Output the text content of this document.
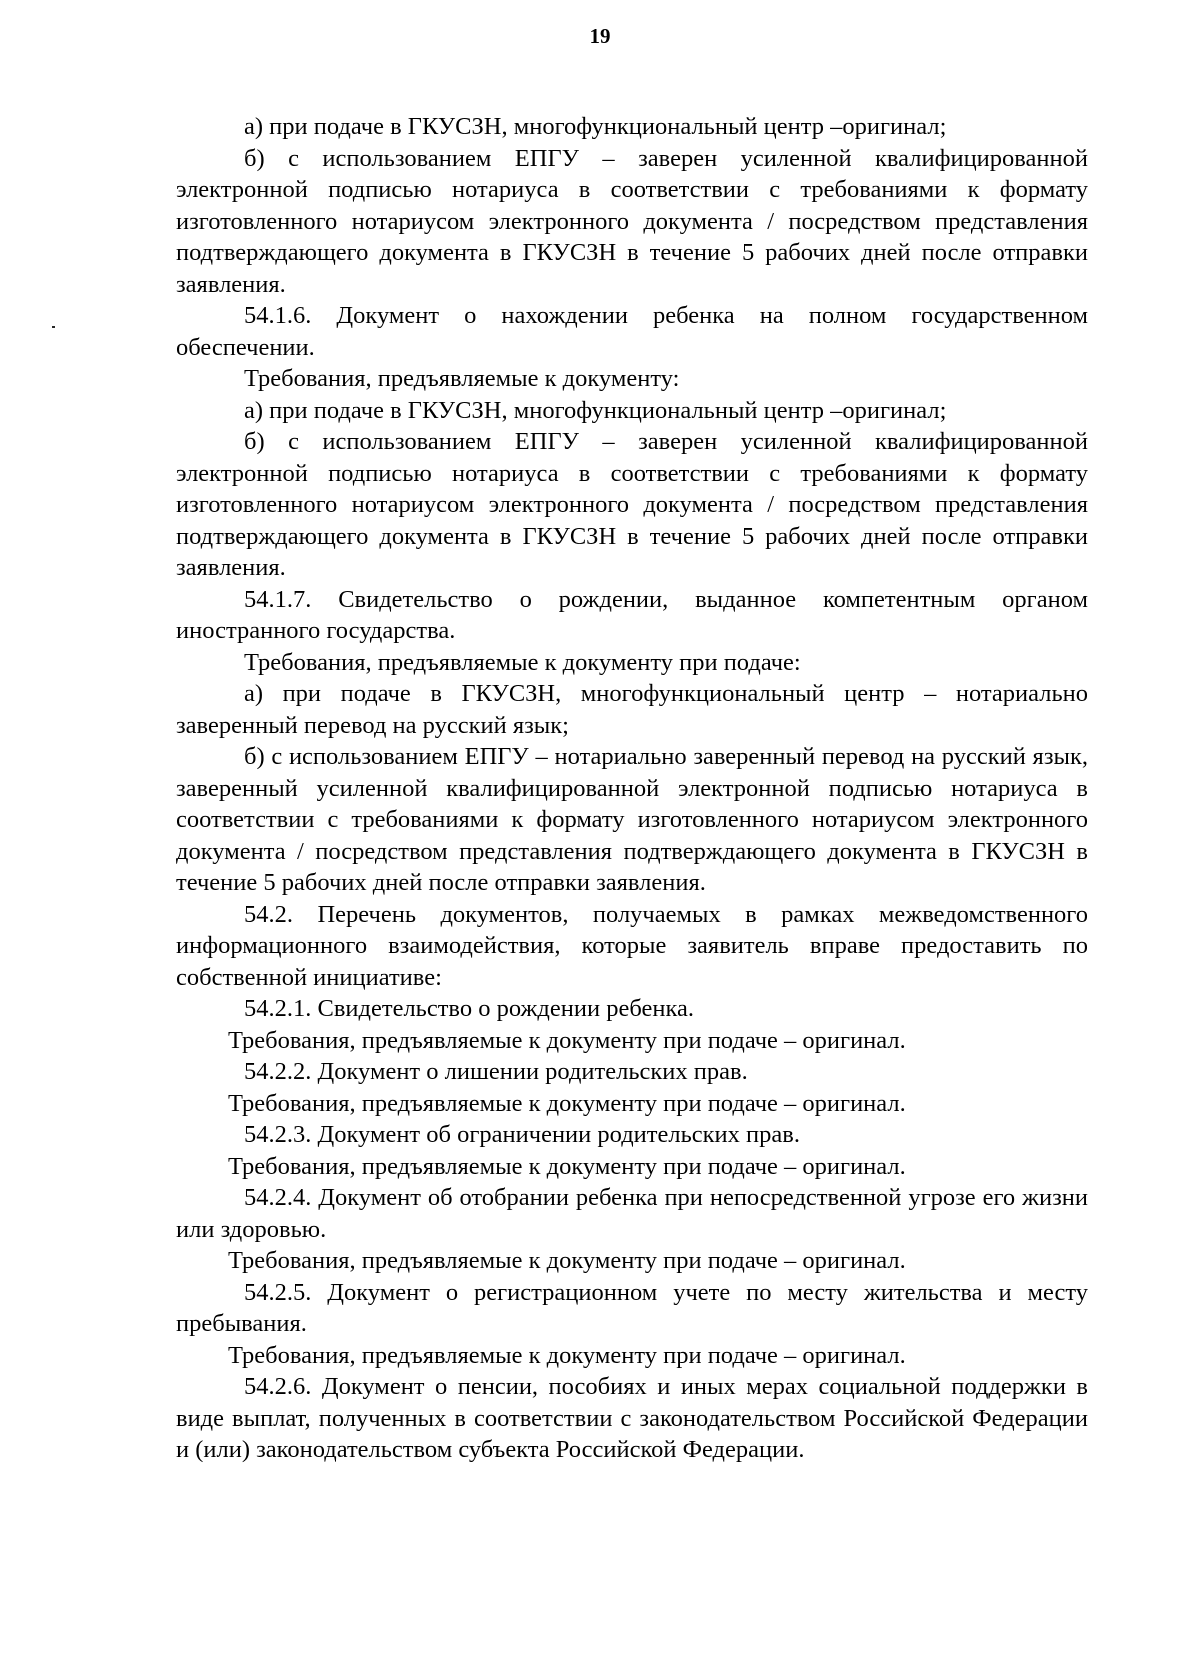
19

а) при подаче в ГКУСЗН, многофункциональный центр –оригинал;

б) с использованием ЕПГУ – заверен усиленной квалифицированной электронной подписью нотариуса в соответствии с требованиями к формату изготовленного нотариусом электронного документа / посредством представления подтверждающего документа в ГКУСЗН в течение 5 рабочих дней после отправки заявления.

54.1.6. Документ о нахождении ребенка на полном государственном обеспечении.

Требования, предъявляемые к документу:

а) при подаче в ГКУСЗН, многофункциональный центр –оригинал;

б) с использованием ЕПГУ – заверен усиленной квалифицированной электронной подписью нотариуса в соответствии с требованиями к формату изготовленного нотариусом электронного документа / посредством представления подтверждающего документа в ГКУСЗН в течение 5 рабочих дней после отправки заявления.

54.1.7. Свидетельство о рождении, выданное компетентным органом иностранного государства.

Требования, предъявляемые к документу при подаче:

а) при подаче в ГКУСЗН, многофункциональный центр – нотариально заверенный перевод на русский язык;

б) с использованием ЕПГУ – нотариально заверенный перевод на русский язык, заверенный усиленной квалифицированной электронной подписью нотариуса в соответствии с требованиями к формату изготовленного нотариусом электронного документа / посредством представления подтверждающего документа в ГКУСЗН в течение 5 рабочих дней после отправки заявления.

54.2. Перечень документов, получаемых в рамках межведомственного информационного взаимодействия, которые заявитель вправе предоставить по собственной инициативе:

54.2.1. Свидетельство о рождении ребенка.

Требования, предъявляемые к документу при подаче – оригинал.

54.2.2. Документ о лишении родительских прав.

Требования, предъявляемые к документу при подаче – оригинал.

54.2.3. Документ об ограничении родительских прав.

Требования, предъявляемые к документу при подаче – оригинал.

54.2.4. Документ об отобрании ребенка при непосредственной угрозе его жизни или здоровью.

Требования, предъявляемые к документу при подаче – оригинал.

54.2.5. Документ о регистрационном учете по месту жительства и месту пребывания.

Требования, предъявляемые к документу при подаче – оригинал.

54.2.6. Документ о пенсии, пособиях и иных мерах социальной поддержки в виде выплат, полученных в соответствии с законодательством Российской Федерации и (или) законодательством субъекта Российской Федерации.
